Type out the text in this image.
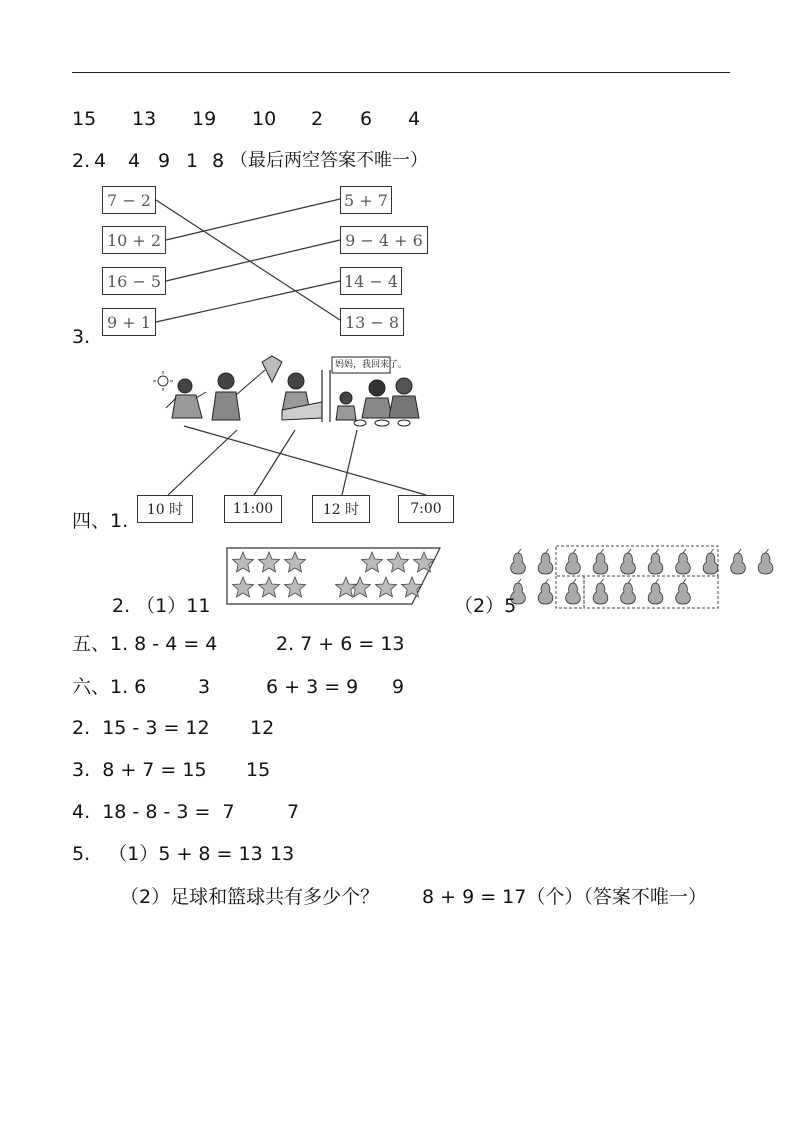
15 13 19 10 2 6 4
2. 4 4 9 1 8 （最后两空答案不唯一）
7 − 2
10 + 2
16 − 5
9 + 1
5 + 7
9 − 4 + 6
14 − 4
13 − 8
3.
妈妈，我回来了。
10 时	11:00	12 时	7:00
四、1.
2. （1）11	（2）5
五、1. 8 - 4 = 4	2. 7 + 6 = 13
六、1. 6	3	6 + 3 = 9 9
2.  15 - 3 = 12 12
3.  8 + 7 = 15 15
4.  18 - 8 - 3 =  7	7
5.   （1）5 + 8 = 13 13
（2）足球和篮球共有多少个？ 8 + 9 = 17（个）（答案不唯一）
